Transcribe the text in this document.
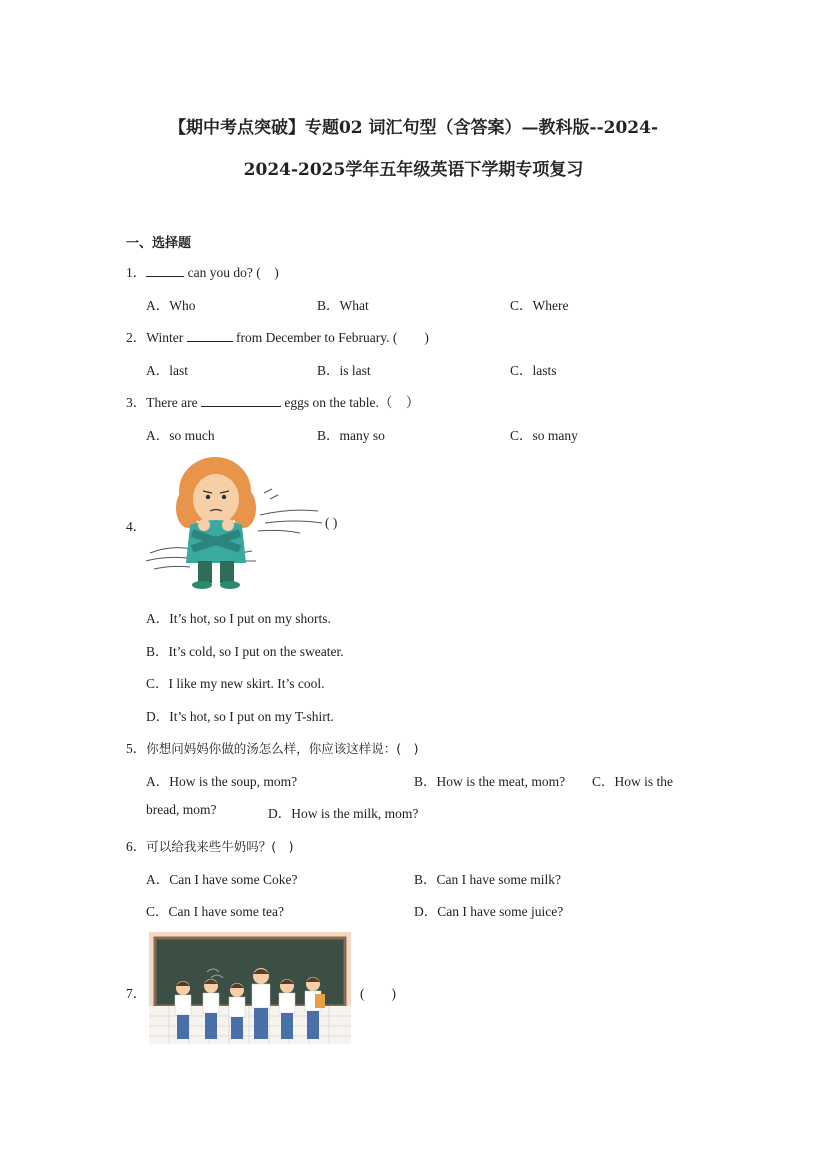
【期中考点突破】专题02 词汇句型（含答案）—教科版--2024-
2024-2025学年五年级英语下学期专项复习
一、选择题
1．	can you do? (　)
A．Who	B．What	C．Where
2．Winter	from December to February. (　　)
A．last	B．is last	C．lasts
3．There are	eggs on the table.（　）
A．so much	B．many so	C．so many
4．	( )
A．It’s hot, so I put on my shorts.
B．It’s cold, so I put on the sweater.
C．I like my new skirt. It’s cool.
D．It’s hot, so I put on my T-shirt.
5．你想问妈妈你做的汤怎么样，你应该这样说：(　)
A．How is the soup, mom?	B．How is the meat, mom? C．How is the
bread, mom?	D．How is the milk, mom?
6．可以给我来些牛奶吗？(　)
A．Can I have some Coke?	B．Can I have some milk?
C．Can I have some tea?	D．Can I have some juice?
7．	(　　)
